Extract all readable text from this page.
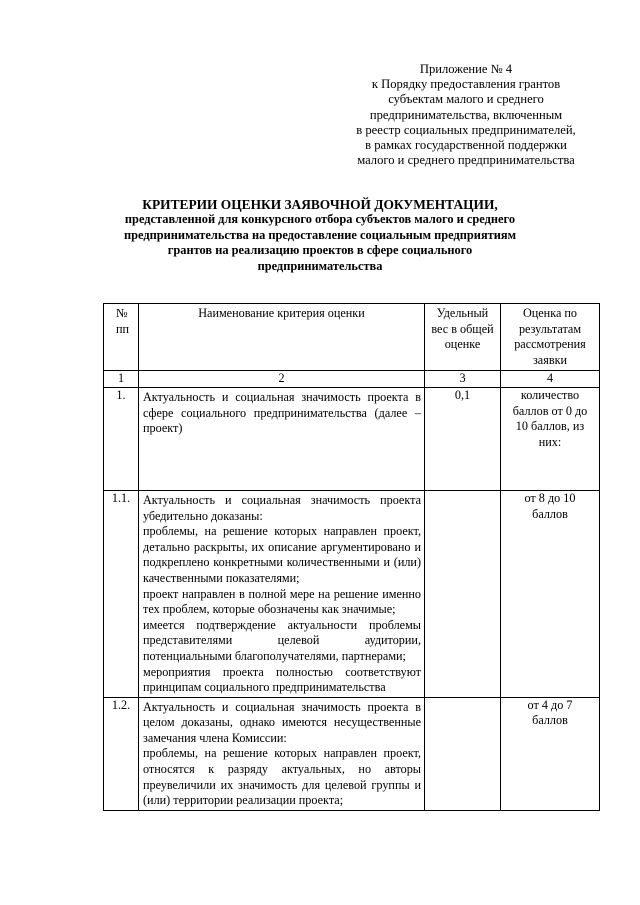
Приложение № 4
к Порядку предоставления грантов
субъектам малого и среднего
предпринимательства, включенным
в реестр социальных предпринимателей,
в рамках государственной поддержки
малого и среднего предпринимательства
КРИТЕРИИ ОЦЕНКИ ЗАЯВОЧНОЙ ДОКУМЕНТАЦИИ,
представленной для конкурсного отбора субъектов малого и среднего
предпринимательства на предоставление социальным предприятиям
грантов на реализацию проектов в сфере социального
предпринимательства
№ пп	Наименование критерия оценки	Удельный вес в общей оценке	Оценка по результатам рассмотрения заявки
1	2	3	4
1.	Актуальность и социальная значимость проекта в сфере социального предпринимательства (далее – проект)	0,1	количество баллов от 0 до 10 баллов, из них:
1.1.	Актуальность и социальная значимость проекта убедительно доказаны:

проблемы, на решение которых направлен проект, детально раскрыты, их описание аргументировано и подкреплено конкретными количественными и (или) качественными показателями;

проект направлен в полной мере на решение именно тех проблем, которые обозначены как значимые;

имеется подтверждение актуальности проблемы представителями целевой аудитории, потенциальными благополучателями, партнерами;

мероприятия проекта полностью соответствуют принципам социального предпринимательства		от 8 до 10 баллов
1.2.	Актуальность и социальная значимость проекта в целом доказаны, однако имеются несущественные замечания члена Комиссии:

проблемы, на решение которых направлен проект, относятся к разряду актуальных, но авторы преувеличили их значимость для целевой группы и (или) территории реализации проекта;		от 4 до 7 баллов
